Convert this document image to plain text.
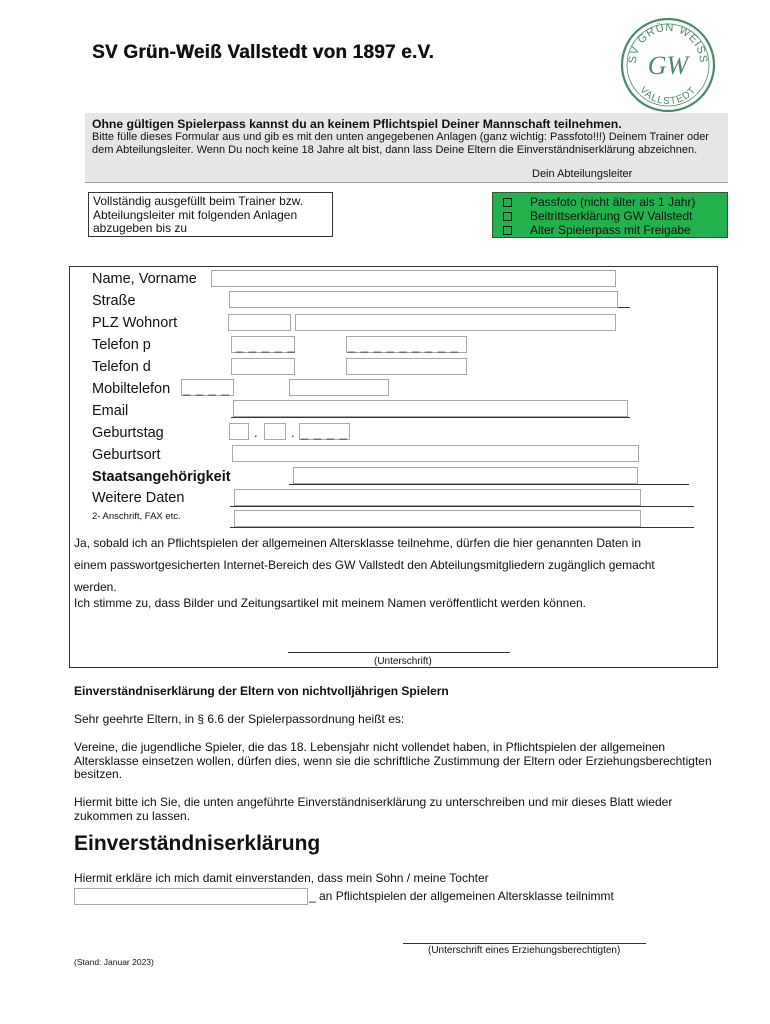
SV Grün-Weiß Vallstedt von 1897 e.V.	SV GRÜN WEISS
VALLSTEDT
GW
Ohne gültigen Spielerpass kannst du an keinem Pflichtspiel Deiner Mannschaft teilnehmen.
Bitte fülle dieses Formular aus und gib es mit den unten angegebenen Anlagen (ganz wichtig: Passfoto!!!) Deinem Trainer oder dem Abteilungsleiter. Wenn Du noch keine 18 Jahre alt bist, dann lass Deine Eltern die Einverständniserklärung abzeichnen.
Dein Abteilungsleiter
Vollständig ausgefüllt beim Trainer bzw. Abteilungsleiter mit folgenden Anlagen abzugeben bis zu
Passfoto (nicht älter als 1 Jahr)
Beitrittserklärung GW Vallstedt
Alter Spielerpass mit Freigabe
Name, Vorname
Straße
PLZ Wohnort
Telefon p	_ _ _ _ _	_ _ _ _ _ _ _ _ _
Telefon d
Mobiltelefon _ _ _ _
Email
Geburtstag	.	. _ _ _ _
Geburtsort
Staatsangehörigkeit
Weitere Daten
2- Anschrift, FAX etc.
Ja, sobald ich an Pflichtspielen der allgemeinen Altersklasse teilnehme, dürfen die hier genannten Daten in
einem passwortgesicherten Internet-Bereich des GW Vallstedt den Abteilungsmitgliedern zugänglich gemacht
werden.
Ich stimme zu, dass Bilder und Zeitungsartikel mit meinem Namen veröffentlicht werden können.
(Unterschrift)
Einverständniserklärung der Eltern von nichtvolljährigen Spielern
Sehr geehrte Eltern, in § 6.6 der Spielerpassordnung heißt es:
Vereine, die jugendliche Spieler, die das 18. Lebensjahr nicht vollendet haben, in Pflichtspielen der allgemeinen Altersklasse einsetzen wollen, dürfen dies, wenn sie die schriftliche Zustimmung der Eltern oder Erziehungsberechtigten besitzen.
Hiermit bitte ich Sie, die unten angeführte Einverständniserklärung zu unterschreiben und mir dieses Blatt wieder zukommen zu lassen.
Einverständniserklärung
Hiermit erkläre ich mich damit einverstanden, dass mein Sohn / meine Tochter
_ an Pflichtspielen der allgemeinen Altersklasse teilnimmt
(Unterschrift eines Erziehungsberechtigten)
(Stand: Januar 2023)
